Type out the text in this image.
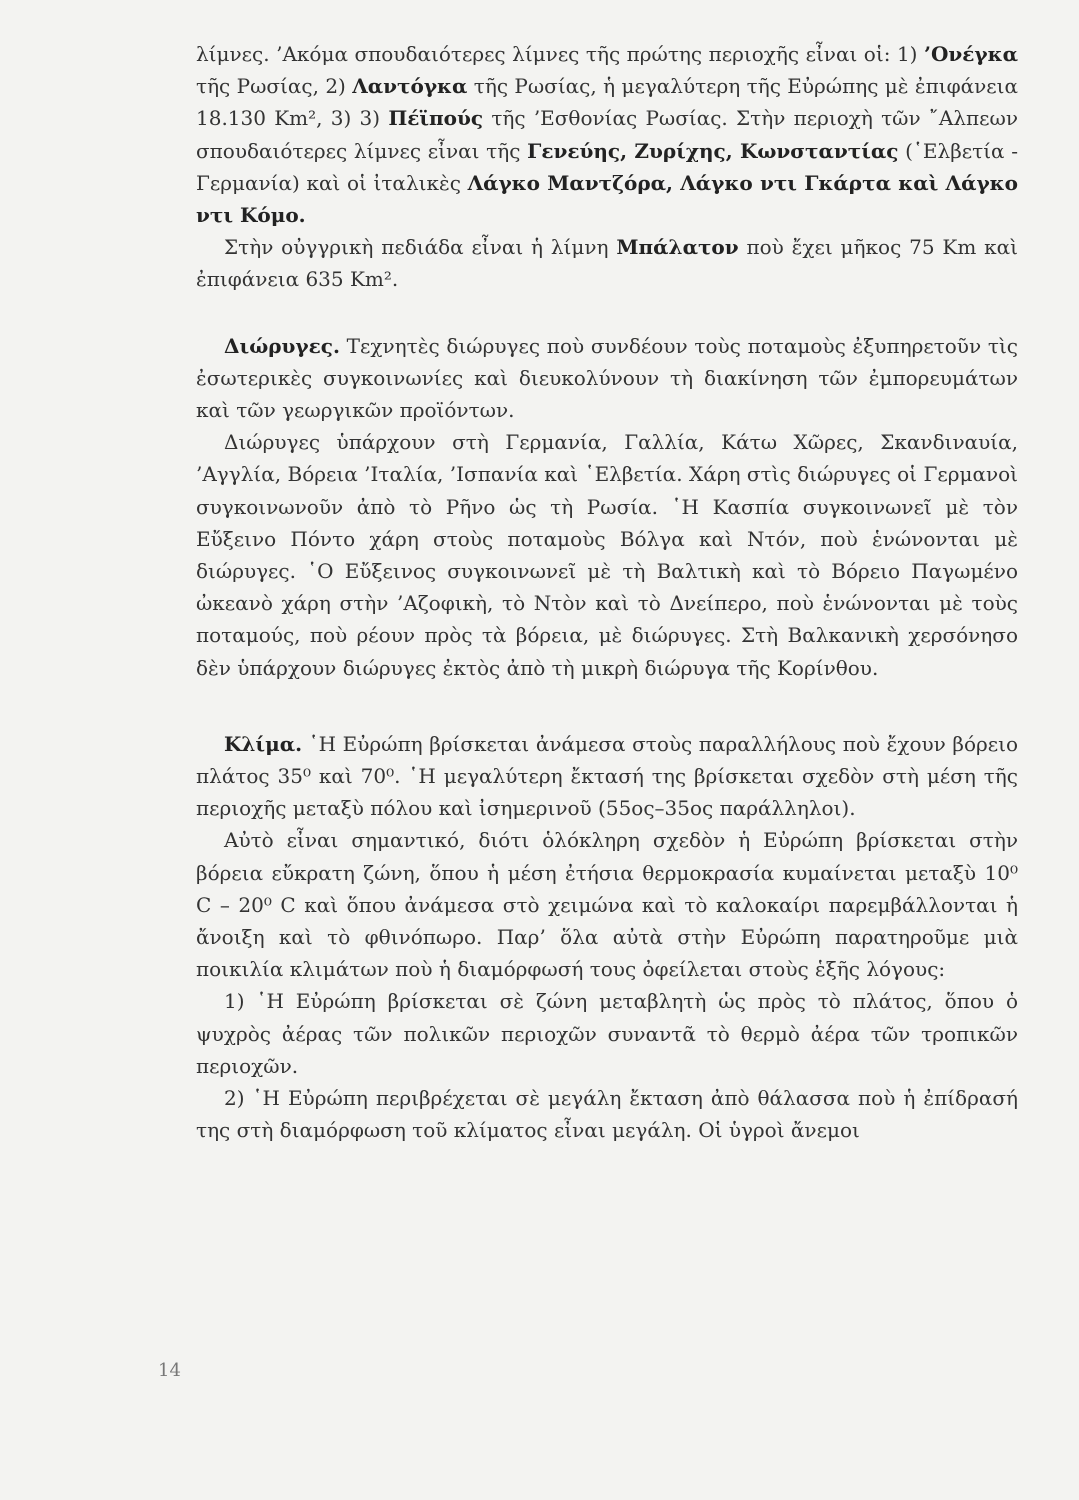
λίμνες. ’Ακόμα σπουδαιότερες λίμνες τῆς πρώτης περιοχῆς εἶναι οἱ: 1) ’Ονέγκα τῆς Ρωσίας, 2) Λαντόγκα τῆς Ρωσίας, ἡ μεγαλύτερη τῆς Εὐρώπης μὲ ἐπιφάνεια 18.130 Km², 3) 3) Πέϊπούς τῆς ’Εσθονίας Ρωσίας. Στὴν περιοχὴ τῶν ῎Αλπεων σπουδαιότερες λίμνες εἶναι τῆς Γενεύης, Ζυρίχης, Κωνσταντίας (῾Ελβετία - Γερμανία) καὶ οἱ ἰταλικὲς Λάγκο Μαντζόρα, Λάγκο ντι Γκάρτα καὶ Λάγκο ντι Κόμο.

Στὴν οὐγγρικὴ πεδιάδα εἶναι ἡ λίμνη Μπάλατον ποὺ ἔχει μῆκος 75 Km καὶ ἐπιφάνεια 635 Km².

Διώρυγες. Τεχνητὲς διώρυγες ποὺ συνδέουν τοὺς ποταμοὺς ἐξυπηρετοῦν τὶς ἐσωτερικὲς συγκοινωνίες καὶ διευκολύνουν τὴ διακίνηση τῶν ἐμπορευμάτων καὶ τῶν γεωργικῶν προϊόντων.

Διώρυγες ὑπάρχουν στὴ Γερμανία, Γαλλία, Κάτω Χῶρες, Σκανδιναυία, ’Αγγλία, Βόρεια ’Ιταλία, ’Ισπανία καὶ ῾Ελβετία. Χάρη στὶς διώρυγες οἱ Γερμανοὶ συγκοινωνοῦν ἀπὸ τὸ Ρῆνο ὡς τὴ Ρωσία. ῾Η Κασπία συγκοινωνεῖ μὲ τὸν Εὔξεινο Πόντο χάρη στοὺς ποταμοὺς Βόλγα καὶ Ντόν, ποὺ ἑνώνονται μὲ διώρυγες. ῾Ο Εὔξεινος συγκοινωνεῖ μὲ τὴ Βαλτικὴ καὶ τὸ Βόρειο Παγωμένο ὠκεανὸ χάρη στὴν ’Αζοφικὴ, τὸ Ντὸν καὶ τὸ Δνείπερο, ποὺ ἑνώνονται μὲ τοὺς ποταμούς, ποὺ ρέουν πρὸς τὰ βόρεια, μὲ διώρυγες. Στὴ Βαλκανικὴ χερσόνησο δὲν ὑπάρχουν διώρυγες ἐκτὸς ἀπὸ τὴ μικρὴ διώρυγα τῆς Κορίνθου.

Κλίμα. ῾Η Εὐρώπη βρίσκεται ἀνάμεσα στοὺς παραλλήλους ποὺ ἔχουν βόρειο πλάτος 35⁰ καὶ 70⁰. ῾Η μεγαλύτερη ἔκτασή της βρίσκεται σχεδὸν στὴ μέση τῆς περιοχῆς μεταξὺ πόλου καὶ ἰσημερινοῦ (55ος–35ος παράλληλοι).

Αὐτὸ εἶναι σημαντικό, διότι ὁλόκληρη σχεδὸν ἡ Εὐρώπη βρίσκεται στὴν βόρεια εὔκρατη ζώνη, ὅπου ἡ μέση ἐτήσια θερμοκρασία κυμαίνεται μεταξὺ 10⁰ C – 20⁰ C καὶ ὅπου ἀνάμεσα στὸ χειμώνα καὶ τὸ καλοκαίρι παρεμβάλλονται ἡ ἄνοιξη καὶ τὸ φθινόπωρο. Παρ’ ὅλα αὐτὰ στὴν Εὐρώπη παρατηροῦμε μιὰ ποικιλία κλιμάτων ποὺ ἡ διαμόρφωσή τους ὀφείλεται στοὺς ἑξῆς λόγους:

1) ῾Η Εὐρώπη βρίσκεται σὲ ζώνη μεταβλητὴ ὡς πρὸς τὸ πλάτος, ὅπου ὁ ψυχρὸς ἀέρας τῶν πολικῶν περιοχῶν συναντᾶ τὸ θερμὸ ἀέρα τῶν τροπικῶν περιοχῶν.

2) ῾Η Εὐρώπη περιβρέχεται σὲ μεγάλη ἔκταση ἀπὸ θάλασσα ποὺ ἡ ἐπίδρασή της στὴ διαμόρφωση τοῦ κλίματος εἶναι μεγάλη. Οἱ ὑγροὶ ἄνεμοι

14
